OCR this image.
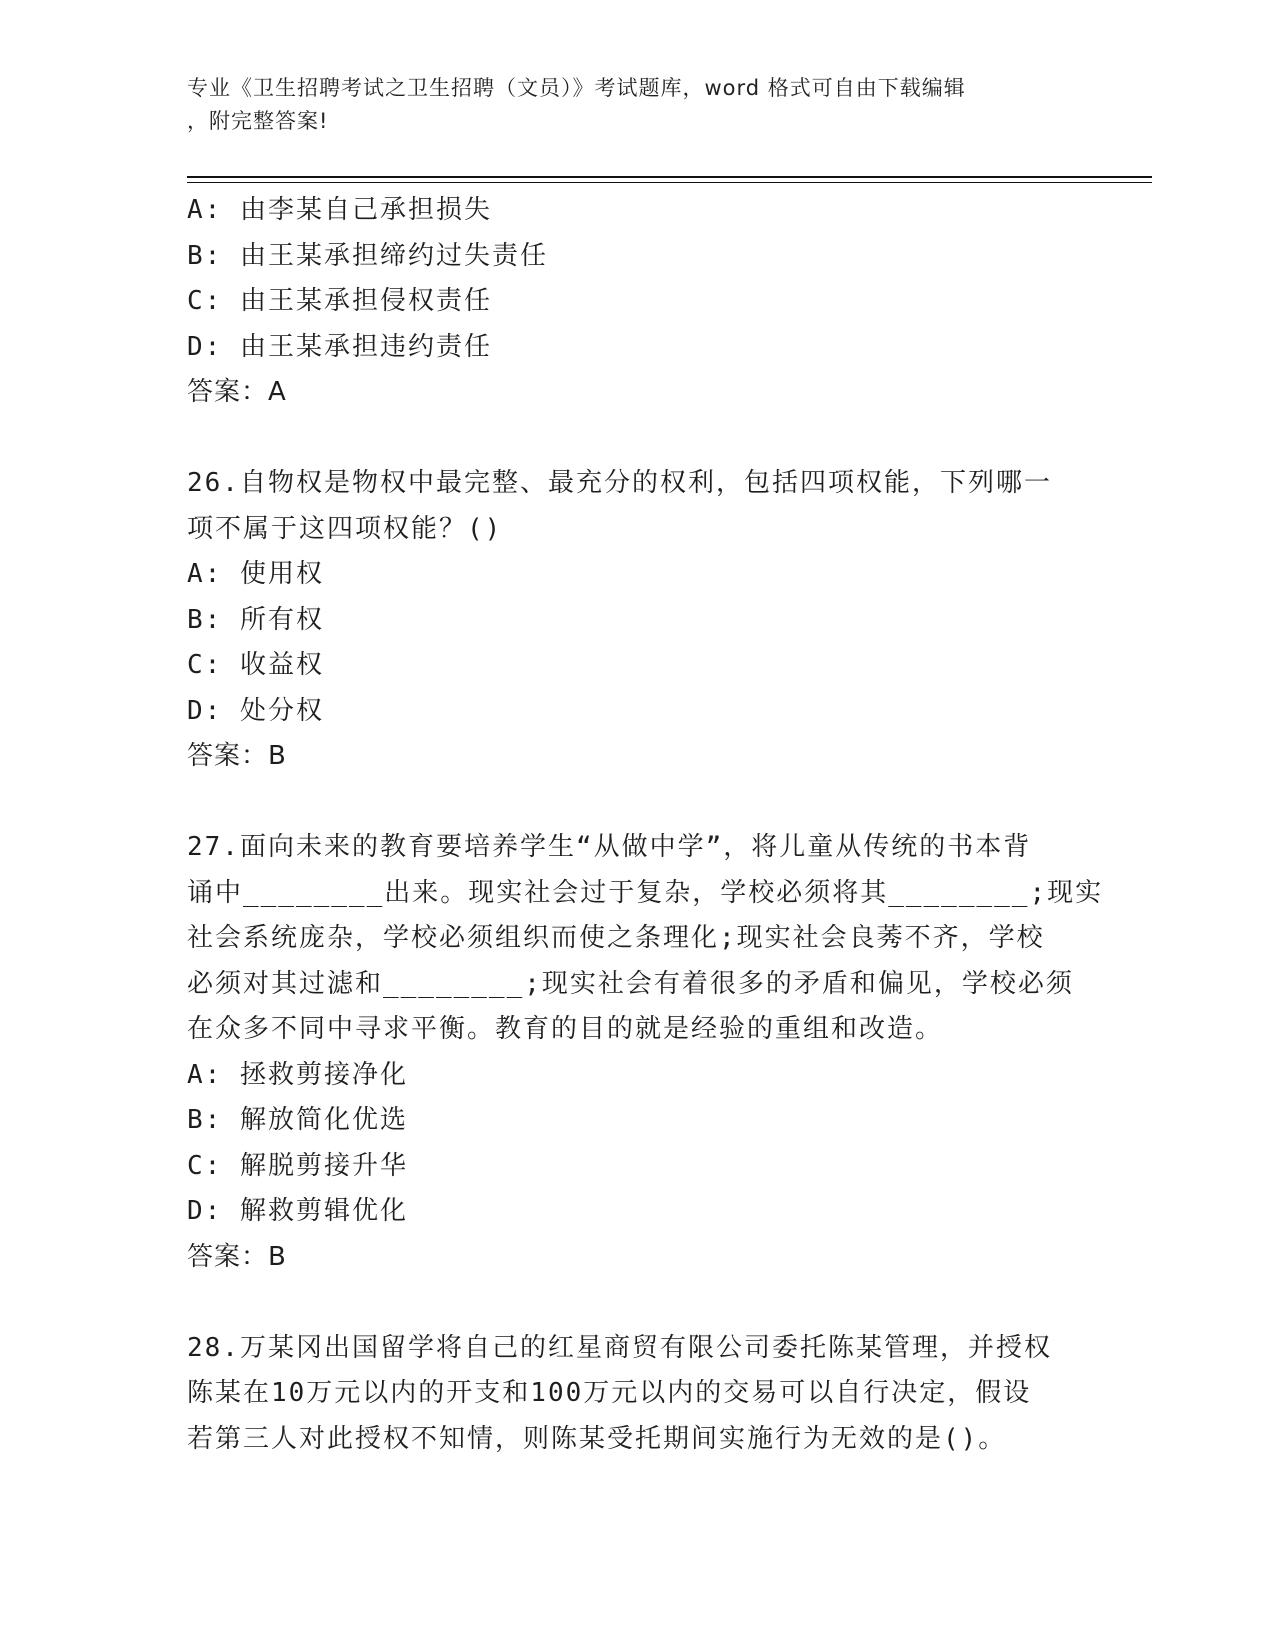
专业《卫生招聘考试之卫生招聘（文员）》考试题库，word 格式可自由下载编辑
，附完整答案!
A: 由李某自己承担损失
B: 由王某承担缔约过失责任
C: 由王某承担侵权责任
D: 由王某承担违约责任
答案：A
26.自物权是物权中最完整、最充分的权利，包括四项权能，下列哪一
项不属于这四项权能？()
A: 使用权
B: 所有权
C: 收益权
D: 处分权
答案：B
27.面向未来的教育要培养学生“从做中学”，将儿童从传统的书本背
诵中________出来。现实社会过于复杂，学校必须将其________;现实
社会系统庞杂，学校必须组织而使之条理化;现实社会良莠不齐，学校
必须对其过滤和________;现实社会有着很多的矛盾和偏见，学校必须
在众多不同中寻求平衡。教育的目的就是经验的重组和改造。
A: 拯救剪接净化
B: 解放简化优选
C: 解脱剪接升华
D: 解救剪辑优化
答案：B
28.万某冈出国留学将自己的红星商贸有限公司委托陈某管理，并授权
陈某在10万元以内的开支和100万元以内的交易可以自行决定，假设
若第三人对此授权不知情，则陈某受托期间实施行为无效的是()。
